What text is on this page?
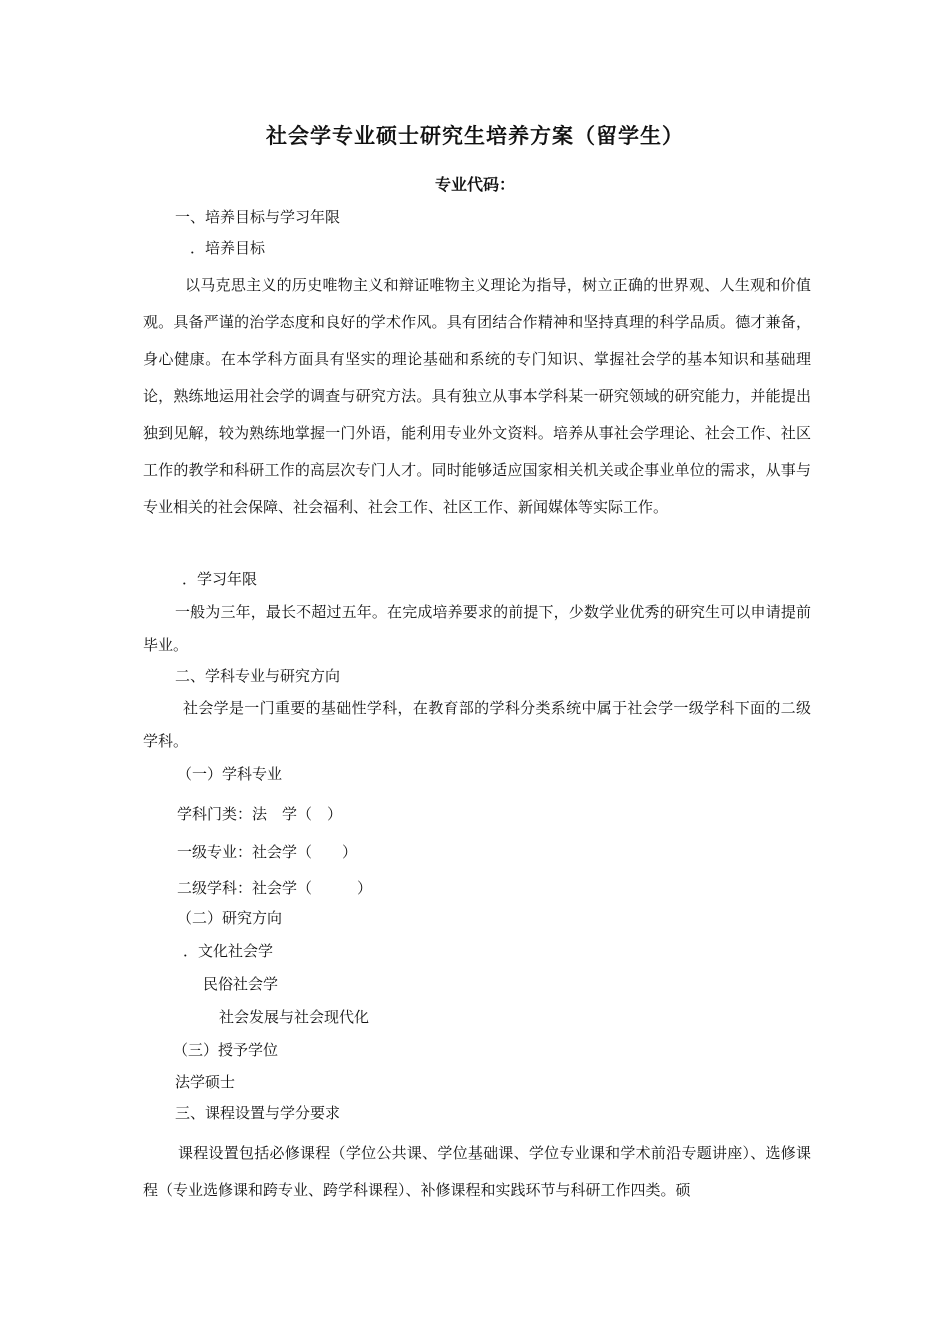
社会学专业硕士研究生培养方案（留学生）
专业代码：
一、培养目标与学习年限
．培养目标
以马克思主义的历史唯物主义和辩证唯物主义理论为指导，树立正确的世界观、人生观和价值观。具备严谨的治学态度和良好的学术作风。具有团结合作精神和坚持真理的科学品质。德才兼备，身心健康。在本学科方面具有坚实的理论基础和系统的专门知识、掌握社会学的基本知识和基础理论，熟练地运用社会学的调查与研究方法。具有独立从事本学科某一研究领域的研究能力，并能提出独到见解，较为熟练地掌握一门外语，能利用专业外文资料。培养从事社会学理论、社会工作、社区工作的教学和科研工作的高层次专门人才。同时能够适应国家相关机关或企事业单位的需求，从事与专业相关的社会保障、社会福利、社会工作、社区工作、新闻媒体等实际工作。
．学习年限
一般为三年，最长不超过五年。在完成培养要求的前提下，少数学业优秀的研究生可以申请提前毕业。
二、学科专业与研究方向
社会学是一门重要的基础性学科，在教育部的学科分类系统中属于社会学一级学科下面的二级学科。
（一）学科专业
学科门类：法　学（　）
一级专业：社会学（　　）
二级学科：社会学（　　　）
（二）研究方向
．文化社会学
民俗社会学
社会发展与社会现代化
（三）授予学位
法学硕士
三、课程设置与学分要求
课程设置包括必修课程（学位公共课、学位基础课、学位专业课和学术前沿专题讲座）、选修课程（专业选修课和跨专业、跨学科课程）、补修课程和实践环节与科研工作四类。硕
